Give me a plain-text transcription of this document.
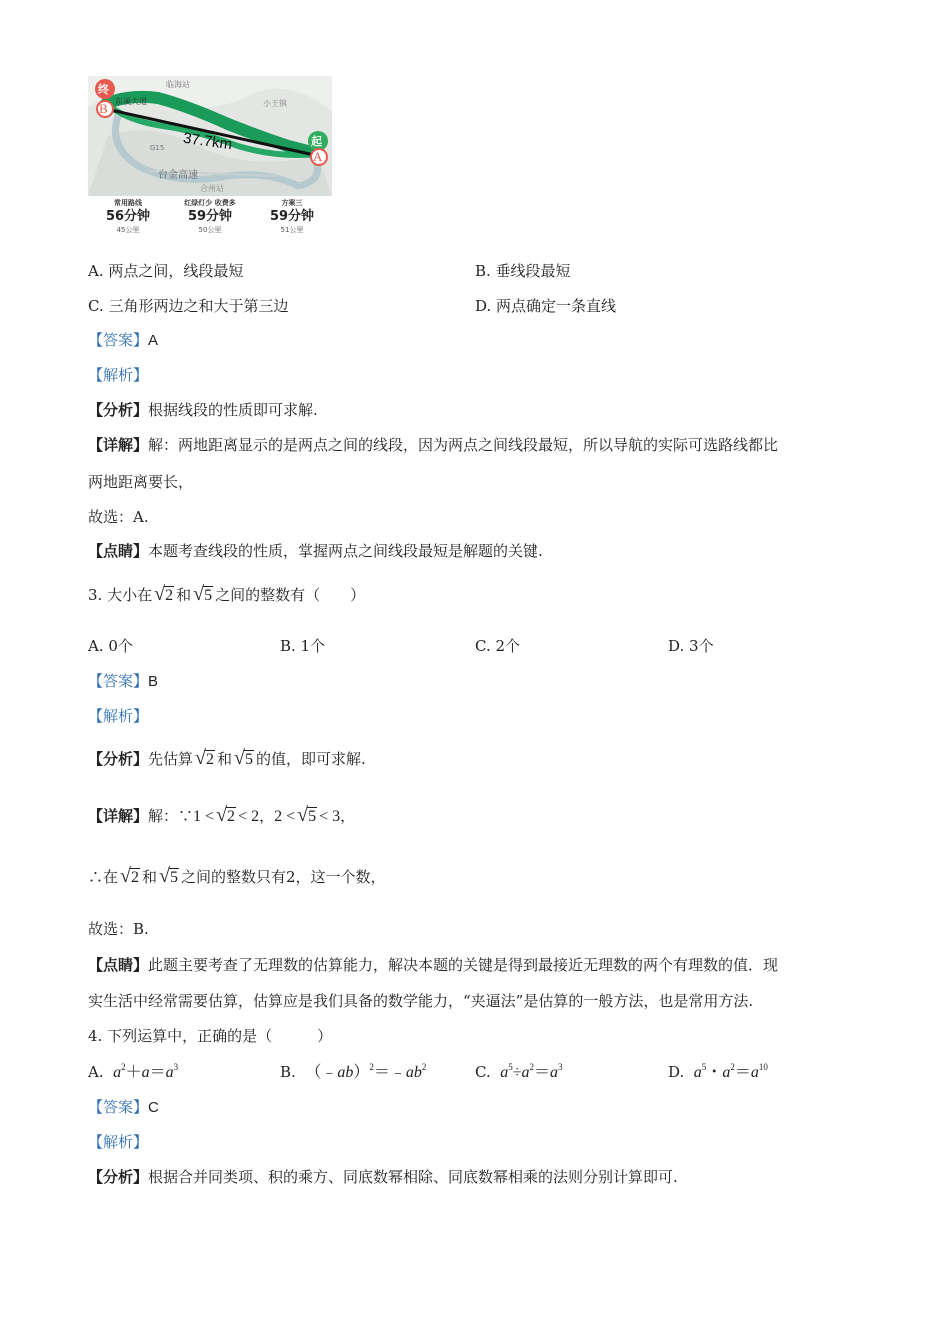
终
起
B
A
37.7km
临海站
台金高速
小王镇
东溪大道
G15
合州站
常用路线
56分钟
45公里
红绿灯少 收费多
59分钟
50公里
方案三
59分钟
51公里
A. 两点之间，线段最短	B. 垂线段最短
C. 三角形两边之和大于第三边	D. 两点确定一条直线
【答案】A
【解析】
【分析】根据线段的性质即可求解.
【详解】解：两地距离显示的是两点之间的线段，因为两点之间线段最短，所以导航的实际可选路线都比
两地距离要长，
故选：A.
【点睛】本题考查线段的性质，掌握两点之间线段最短是解题的关键.
3. 大小在 √2 和 √5 之间的整数有（　　）
A. 0个	B. 1个	C. 2个	D. 3个
【答案】B
【解析】
【分析】先估算 √2 和 √5 的值，即可求解.
【详解】解：∵1 < √2 < 2，2 < √5 < 3，
∴在 √2 和 √5 之间的整数只有2，这一个数，
故选：B.
【点睛】此题主要考查了无理数的估算能力，解决本题的关键是得到最接近无理数的两个有理数的值．现
实生活中经常需要估算，估算应是我们具备的数学能力，“夹逼法”是估算的一般方法，也是常用方法.
4. 下列运算中，正确的是（　　　）
A.  $a^2+a=a^3$	B.  $(﹣ab)^2=﹣ab^2$	C.  $a^5\div a^2=a^3$	D.  $a^5$・$a^2=a^{10}$
【答案】C
【解析】
【分析】根据合并同类项、积的乘方、同底数幂相除、同底数幂相乘的法则分别计算即可.
